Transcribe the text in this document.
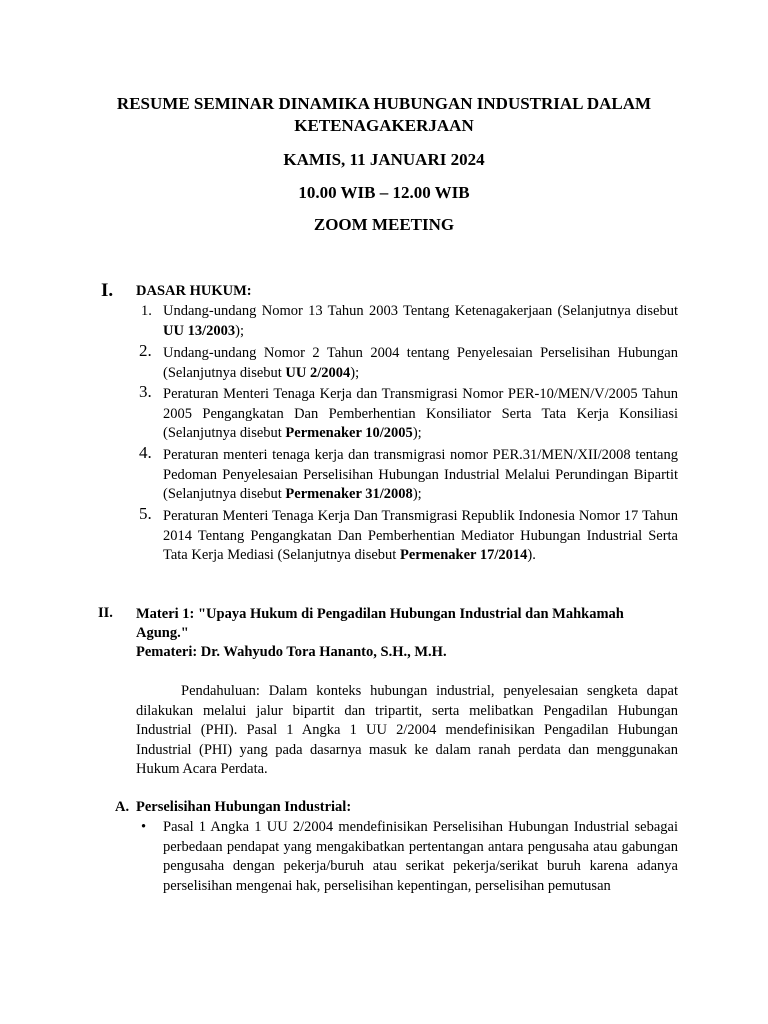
RESUME SEMINAR DINAMIKA HUBUNGAN INDUSTRIAL DALAM
KETENAGAKERJAAN
KAMIS, 11 JANUARI 2024
10.00 WIB – 12.00 WIB
ZOOM MEETING
I. DASAR HUKUM:
1. Undang-undang Nomor 13 Tahun 2003 Tentang Ketenagakerjaan (Selanjutnya disebut UU 13/2003);
2. Undang-undang Nomor 2 Tahun 2004 tentang Penyelesaian Perselisihan Hubungan (Selanjutnya disebut UU 2/2004);
3. Peraturan Menteri Tenaga Kerja dan Transmigrasi Nomor PER-10/MEN/V/2005 Tahun 2005 Pengangkatan Dan Pemberhentian Konsiliator Serta Tata Kerja Konsiliasi (Selanjutnya disebut Permenaker 10/2005);
4. Peraturan menteri tenaga kerja dan transmigrasi nomor PER.31/MEN/XII/2008 tentang Pedoman Penyelesaian Perselisihan Hubungan Industrial Melalui Perundingan Bipartit (Selanjutnya disebut Permenaker 31/2008);
5. Peraturan Menteri Tenaga Kerja Dan Transmigrasi Republik Indonesia Nomor 17 Tahun 2014 Tentang Pengangkatan Dan Pemberhentian Mediator Hubungan Industrial Serta Tata Kerja Mediasi (Selanjutnya disebut Permenaker 17/2014).
II. Materi 1: "Upaya Hukum di Pengadilan Hubungan Industrial dan Mahkamah
Agung."
Pemateri: Dr. Wahyudo Tora Hananto, S.H., M.H.
Pendahuluan: Dalam konteks hubungan industrial, penyelesaian sengketa dapat dilakukan melalui jalur bipartit dan tripartit, serta melibatkan Pengadilan Hubungan Industrial (PHI). Pasal 1 Angka 1 UU 2/2004 mendefinisikan Pengadilan Hubungan Industrial (PHI) yang pada dasarnya masuk ke dalam ranah perdata dan menggunakan Hukum Acara Perdata.
A. Perselisihan Hubungan Industrial:
• Pasal 1 Angka 1 UU 2/2004 mendefinisikan Perselisihan Hubungan Industrial sebagai perbedaan pendapat yang mengakibatkan pertentangan antara pengusaha atau gabungan pengusaha dengan pekerja/buruh atau serikat pekerja/serikat buruh karena adanya perselisihan mengenai hak, perselisihan kepentingan, perselisihan pemutusan
